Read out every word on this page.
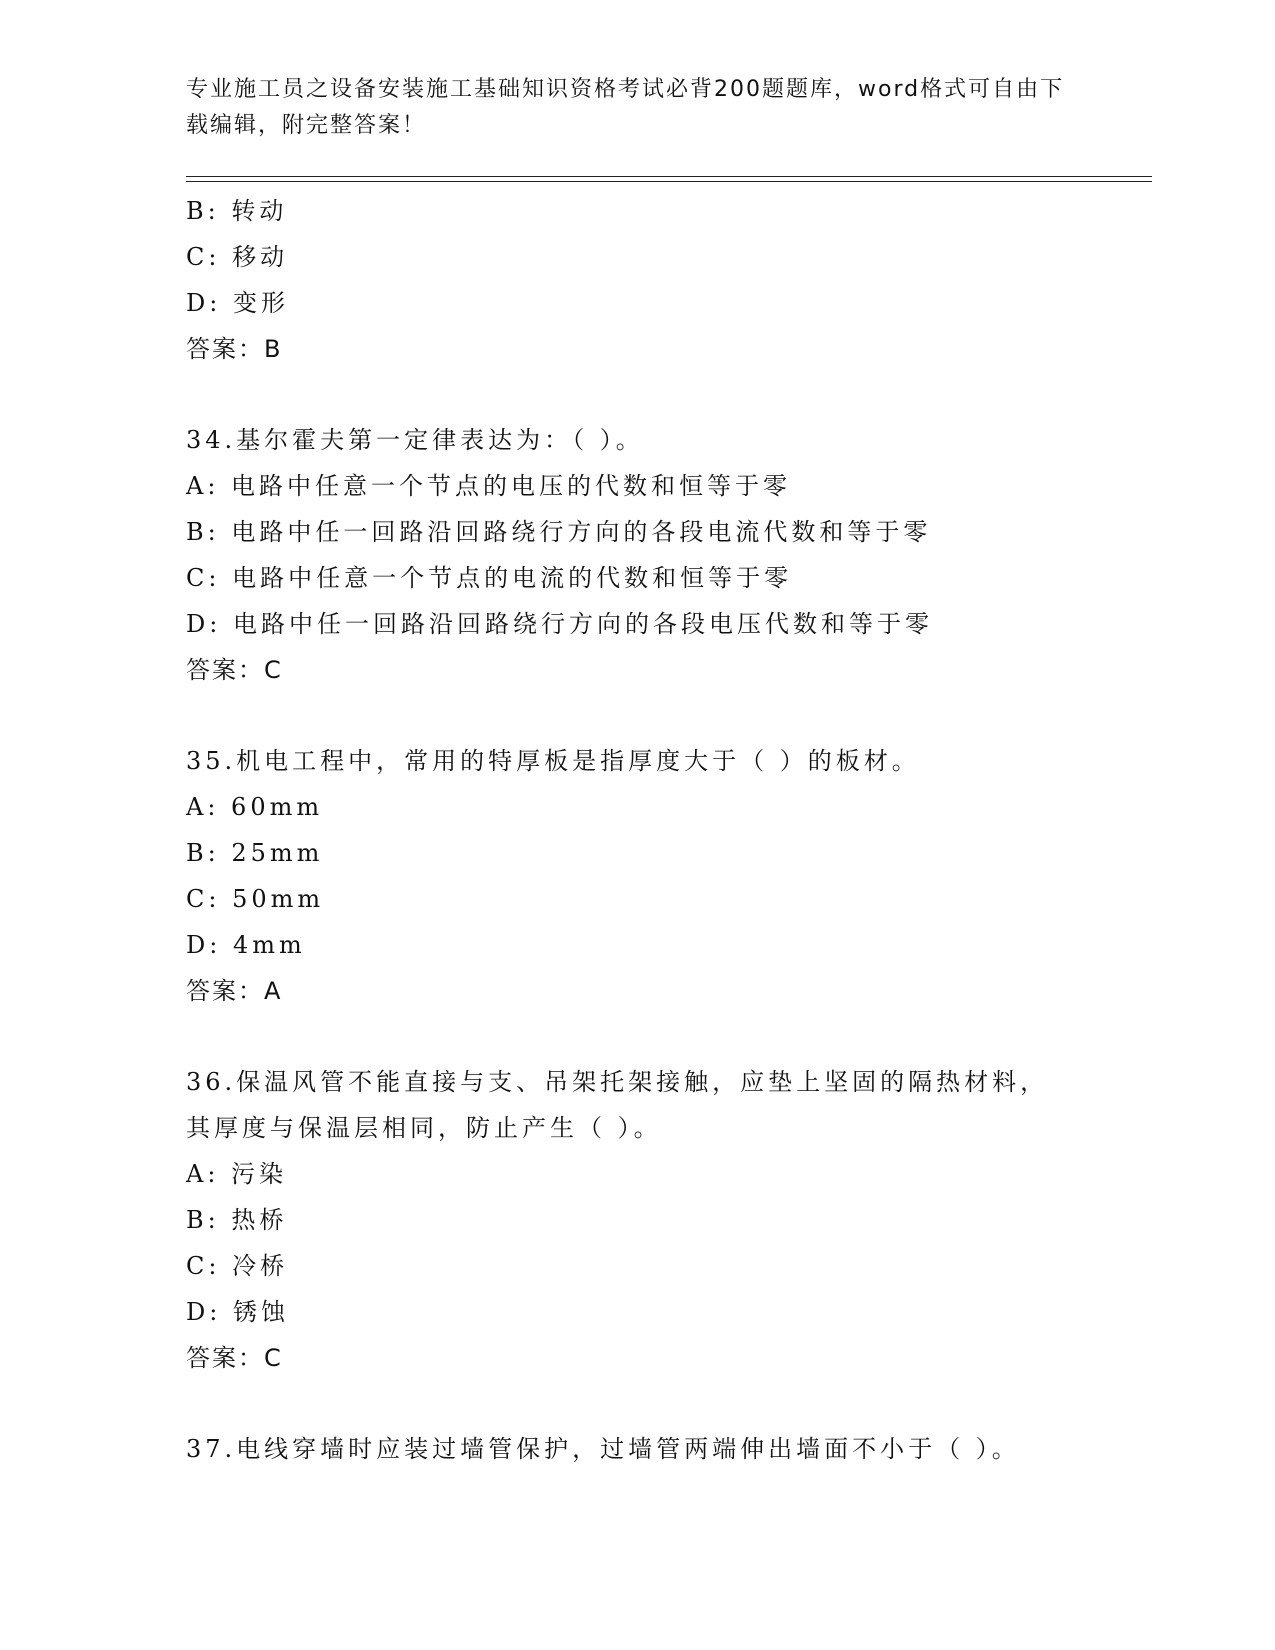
专业施工员之设备安装施工基础知识资格考试必背200题题库，word格式可自由下载编辑，附完整答案！
B: 转动
C: 移动
D: 变形
答案：B
34.基尔霍夫第一定律表达为：（ ）。
A: 电路中任意一个节点的电压的代数和恒等于零
B: 电路中任一回路沿回路绕行方向的各段电流代数和等于零
C: 电路中任意一个节点的电流的代数和恒等于零
D: 电路中任一回路沿回路绕行方向的各段电压代数和等于零
答案：C
35.机电工程中，常用的特厚板是指厚度大于（ ）的板材。
A: 60mm
B: 25mm
C: 50mm
D: 4mm
答案：A
36.保温风管不能直接与支、吊架托架接触，应垫上坚固的隔热材料，
其厚度与保温层相同，防止产生（ ）。
A: 污染
B: 热桥
C: 冷桥
D: 锈蚀
答案：C
37.电线穿墙时应装过墙管保护，过墙管两端伸出墙面不小于（ ）。
